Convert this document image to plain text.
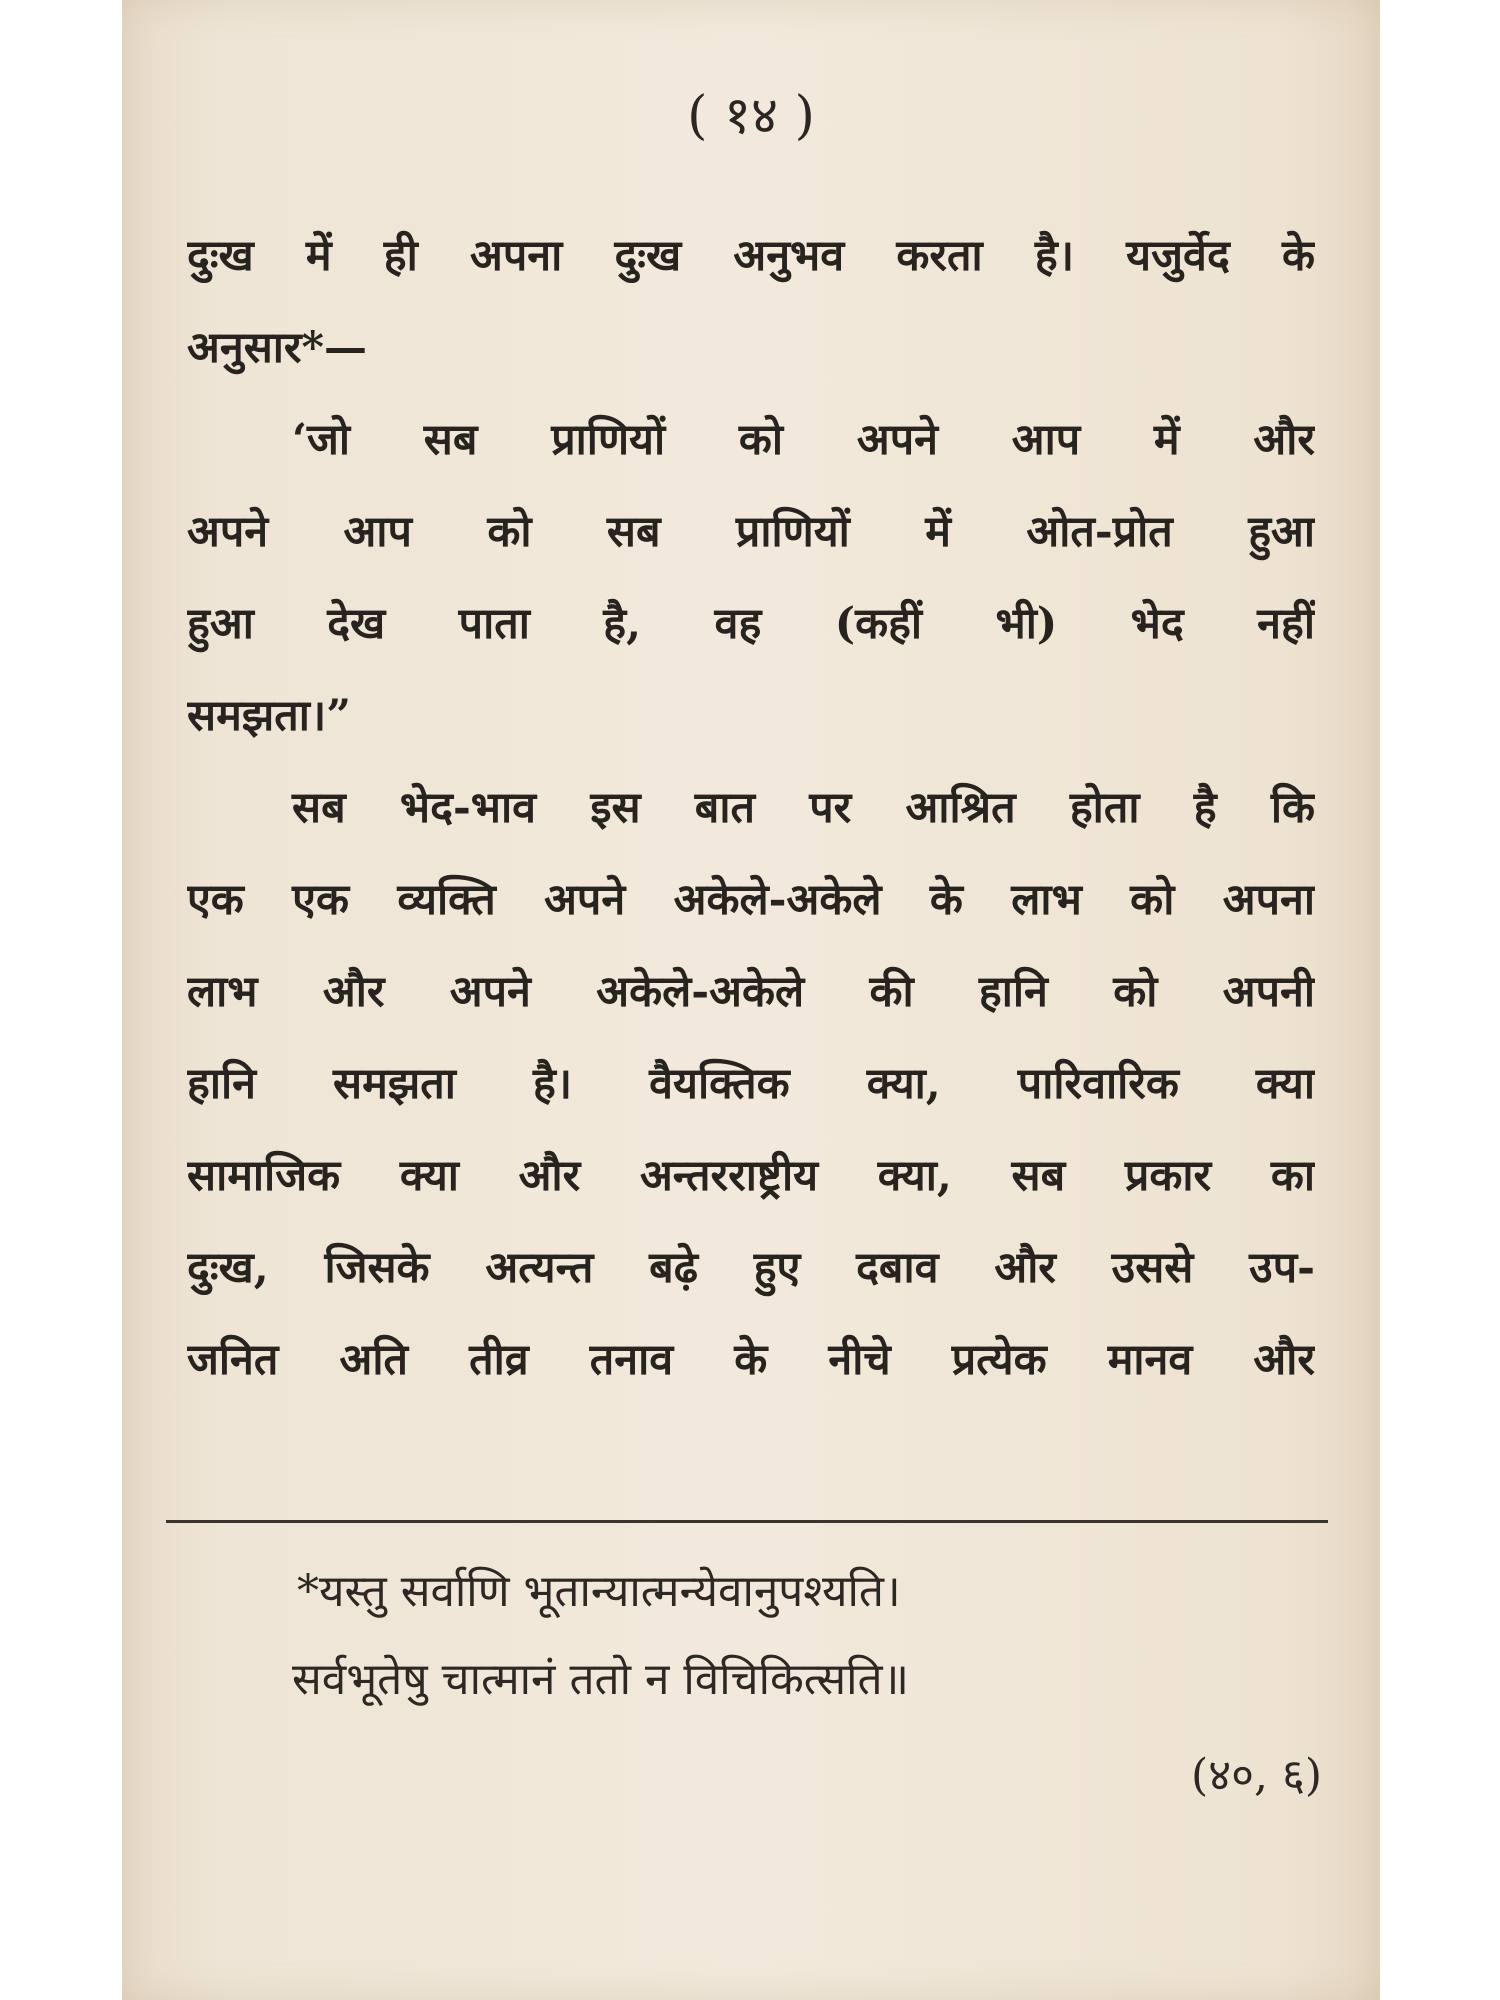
( १४ )
दुःख में ही अपना दुःख अनुभव करता है। यजुर्वेद के
अनुसार*—
‘जो सब प्राणियों को अपने आप में और
अपने आप को सब प्राणियों में ओत-प्रोत हुआ
हुआ देख पाता है, वह (कहीं भी) भेद नहीं
समझता।”
सब भेद-भाव इस बात पर आश्रित होता है कि
एक एक व्यक्ति अपने अकेले-अकेले के लाभ को अपना
लाभ और अपने अकेले-अकेले की हानि को अपनी
हानि समझता है। वैयक्तिक क्या, पारिवारिक क्या
सामाजिक क्या और अन्तरराष्ट्रीय क्या, सब प्रकार का
दुःख, जिसके अत्यन्त बढ़े हुए दबाव और उससे उप-
जनित अति तीव्र तनाव के नीचे प्रत्येक मानव और
*यस्तु सर्वाणि भूतान्यात्मन्येवानुपश्यति।
सर्वभूतेषु चात्मानं ततो न विचिकित्सति॥
(४०, ६)
